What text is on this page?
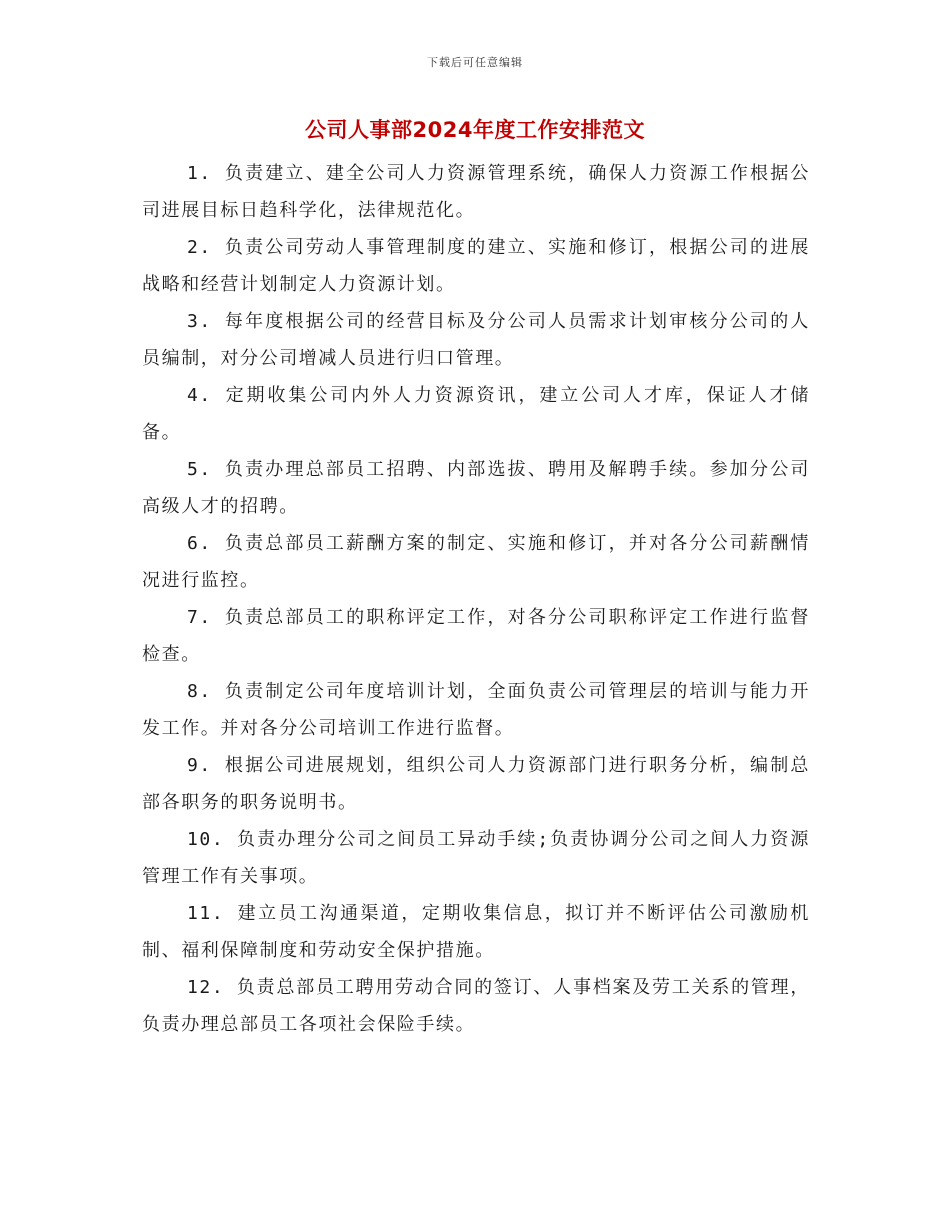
下载后可任意编辑
公司人事部2024年度工作安排范文

1. 负责建立、建全公司人力资源管理系统，确保人力资源工作根据公司进展目标日趋科学化，法律规范化。

2. 负责公司劳动人事管理制度的建立、实施和修订，根据公司的进展战略和经营计划制定人力资源计划。

3. 每年度根据公司的经营目标及分公司人员需求计划审核分公司的人员编制，对分公司增减人员进行归口管理。

4. 定期收集公司内外人力资源资讯，建立公司人才库，保证人才储备。

5. 负责办理总部员工招聘、内部选拔、聘用及解聘手续。参加分公司高级人才的招聘。

6. 负责总部员工薪酬方案的制定、实施和修订，并对各分公司薪酬情况进行监控。

7. 负责总部员工的职称评定工作，对各分公司职称评定工作进行监督检查。

8. 负责制定公司年度培训计划，全面负责公司管理层的培训与能力开发工作。并对各分公司培训工作进行监督。

9. 根据公司进展规划，组织公司人力资源部门进行职务分析，编制总部各职务的职务说明书。

10. 负责办理分公司之间员工异动手续;负责协调分公司之间人力资源管理工作有关事项。

11. 建立员工沟通渠道，定期收集信息，拟订并不断评估公司激励机制、福利保障制度和劳动安全保护措施。

12. 负责总部员工聘用劳动合同的签订、人事档案及劳工关系的管理，负责办理总部员工各项社会保险手续。
